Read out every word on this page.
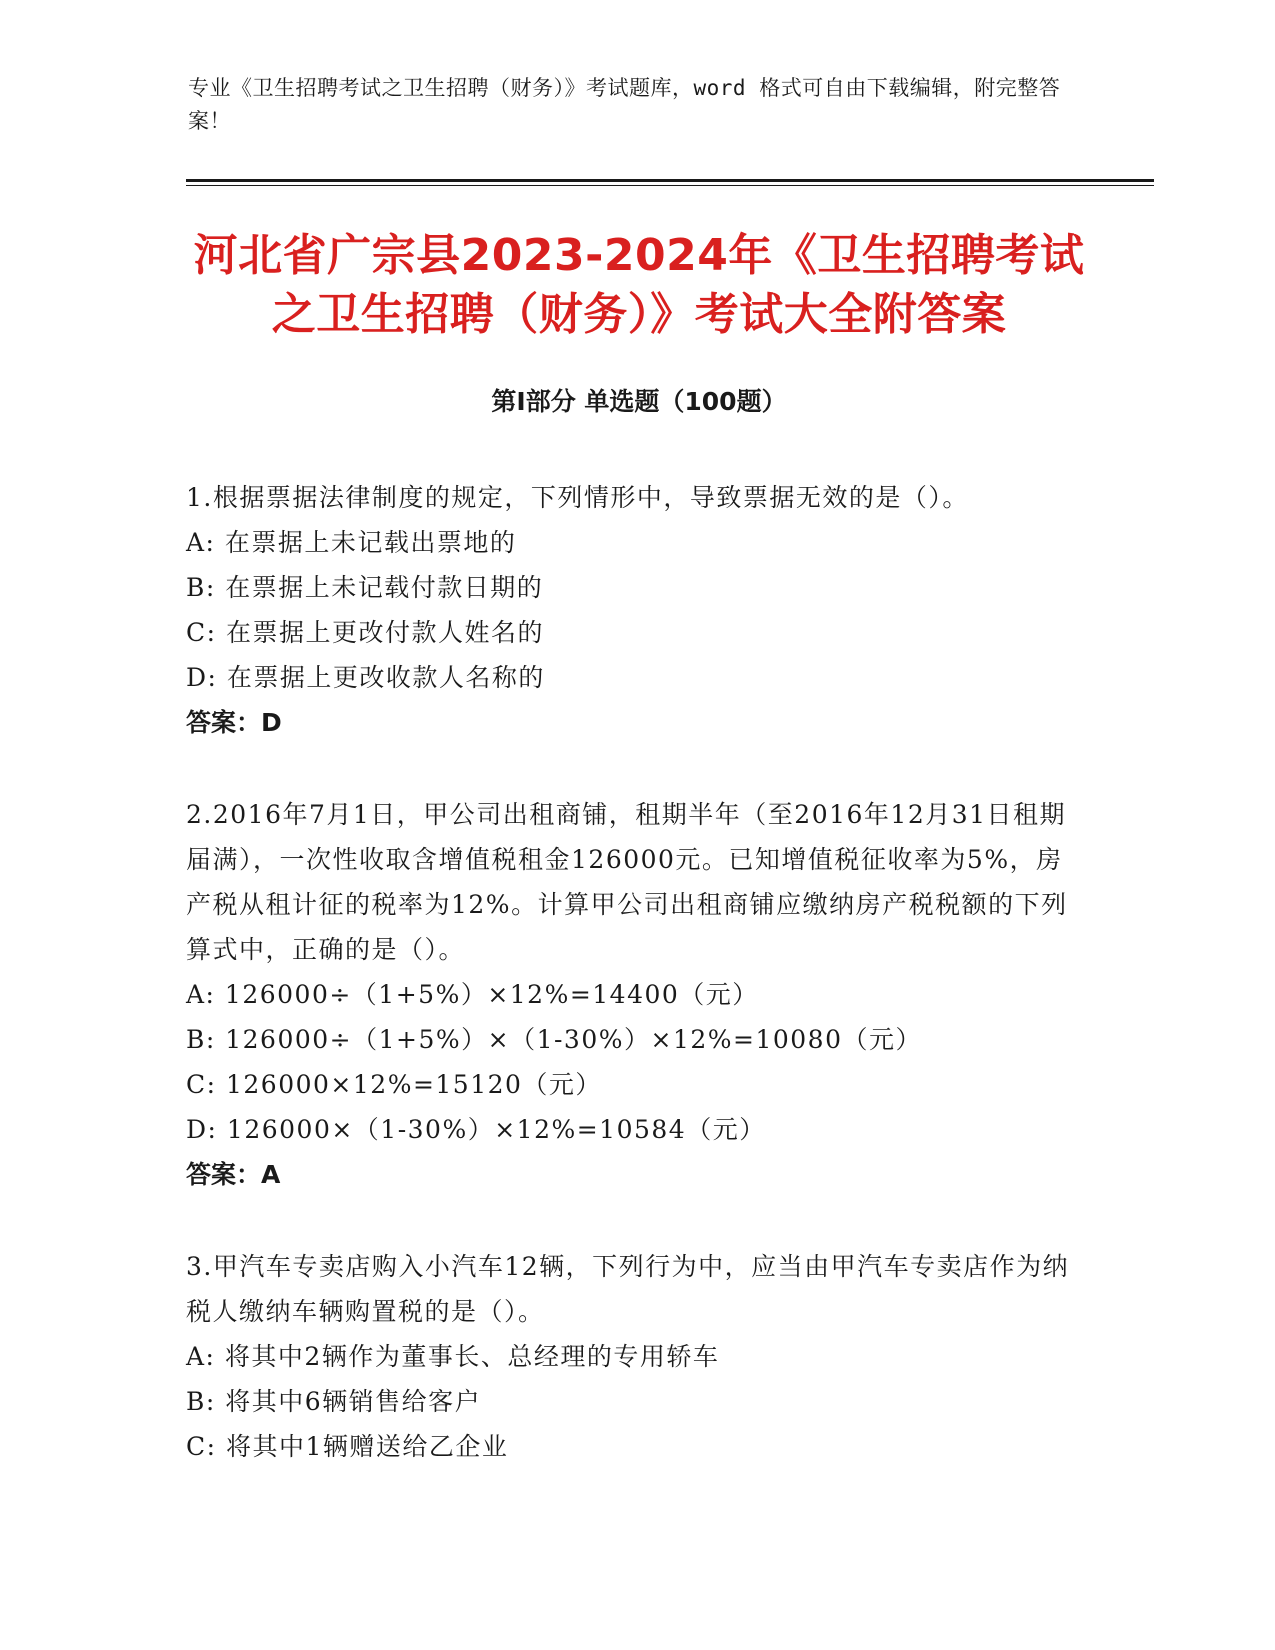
专业《卫生招聘考试之卫生招聘（财务）》考试题库，word 格式可自由下载编辑，附完整答案！
河北省广宗县2023-2024年《卫生招聘考试之卫生招聘（财务）》考试大全附答案
第Ⅰ部分 单选题（100题）

1.根据票据法律制度的规定，下列情形中，导致票据无效的是（）。

A: 在票据上未记载出票地的

B: 在票据上未记载付款日期的

C: 在票据上更改付款人姓名的

D: 在票据上更改收款人名称的

答案：D

2.2016年7月1日，甲公司出租商铺，租期半年（至2016年12月31日租期届满），一次性收取含增值税租金126000元。已知增值税征收率为5%，房产税从租计征的税率为12%。计算甲公司出租商铺应缴纳房产税税额的下列算式中，正确的是（）。

A: 126000÷（1+5%）×12%=14400（元）

B: 126000÷（1+5%）×（1-30%）×12%=10080（元）

C: 126000×12%=15120（元）

D: 126000×（1-30%）×12%=10584（元）

答案：A

3.甲汽车专卖店购入小汽车12辆，下列行为中，应当由甲汽车专卖店作为纳税人缴纳车辆购置税的是（）。

A: 将其中2辆作为董事长、总经理的专用轿车

B: 将其中6辆销售给客户

C: 将其中1辆赠送给乙企业
